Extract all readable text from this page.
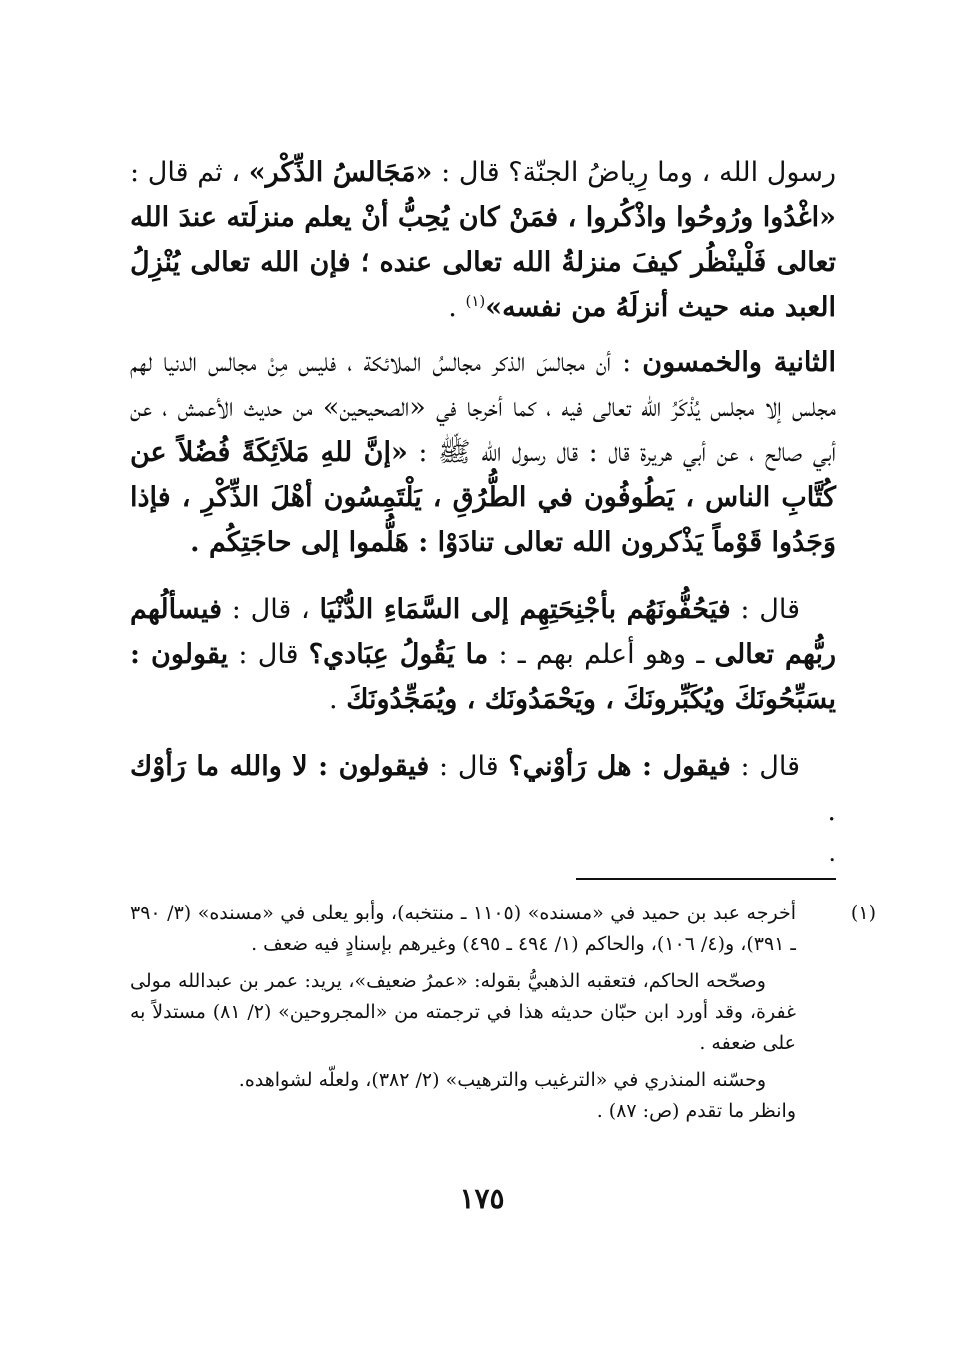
رسول الله ، وما رِياضُ الجنّة؟ قال : «مَجَالسُ الذِّكْر» ، ثم قال : «اغْدُوا ورُوحُوا واذْكُروا ، فمَنْ كان يُحِبُّ أنْ يعلم منزلَته عندَ الله تعالى فَلْينْظُر كيفَ منزلةُ الله تعالى عنده ؛ فإن الله تعالى يُنْزِلُ العبد منه حيث أنزلَهُ من نفسه»$^{(١)}$ .

الثانية والخمسون : أن مجالسَ الذكر مجالسُ الملائكة ، فليس مِنْ مجالس الدنيا لهم مجلس إلا مجلس يُذْكَرُ الله تعالى فيه ، كما أخرجا في «الصحيحين» من حديث الأعمش ، عن أبي صالح ، عن أبي هريرة قال : قال رسول الله ﷺ : «إنَّ للهِ مَلاَئِكَةً فُضُلاً عن كُتَّابِ الناس ، يَطُوفُون في الطُّرُقِ ، يَلْتَمِسُون أهْلَ الذِّكْرِ ، فإذا وَجَدُوا قَوْماً يَذْكرون الله تعالى تنادَوْا : هَلُّموا إلى حاجَتِكُم .

قال : فيَحُفُّونَهُم بأجْنِحَتِهِم إلى السَّمَاءِ الدُّنْيَا ، قال : فيسألُهم ربُّهم تعالى ـ وهو أعلم بهم ـ : ما يَقُولُ عِبَادي؟ قال : يقولون : يسَبِّحُونَكَ ويُكَبِّرونَكَ ، ويَحْمَدُونَك ، ويُمَجِّدُونَكَ .

قال : فيقول : هل رَأوْني؟ قال : فيقولون : لا والله ما رَأوْك .

.

(١)أخرجه عبد بن حميد في «مسنده» (١١٠٥ ـ منتخبه)، وأبو يعلى في «مسنده» (٣/ ٣٩٠ ـ ٣٩١)، و(٤/ ١٠٦)، والحاكم (١/ ٤٩٤ ـ ٤٩٥) وغيرهم بإسنادٍ فيه ضعف .

وصحّحه الحاكم، فتعقبه الذهبيُّ بقوله: «عمرُ ضعيف»، يريد: عمر بن عبدالله مولى غفرة، وقد أورد ابن حبّان حديثه هذا في ترجمته من «المجروحين» (٢/ ٨١) مستدلاً به على ضعفه .

وحسّنه المنذري في «الترغيب والترهيب» (٢/ ٣٨٢)، ولعلّه لشواهده.

وانظر ما تقدم (ص: ٨٧) .

١٧٥
